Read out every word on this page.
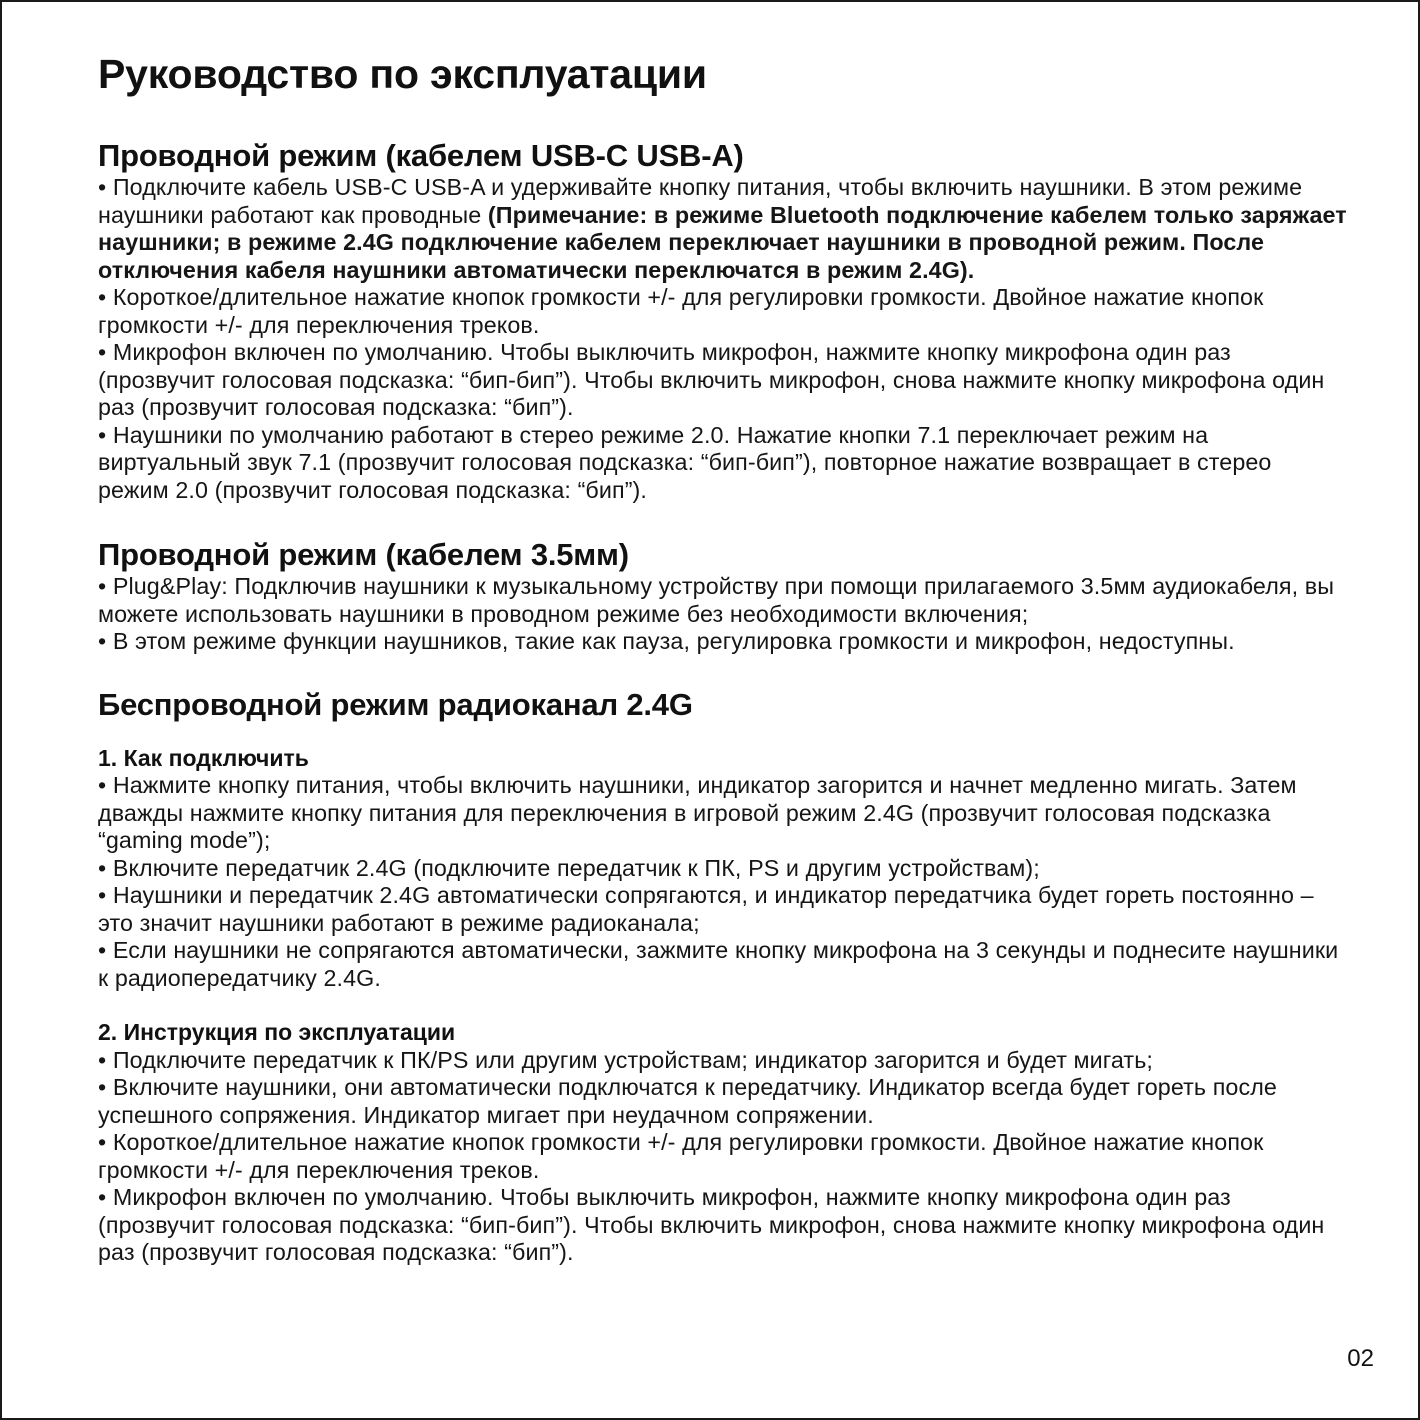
Руководство по эксплуатации
Проводной режим (кабелем USB-C USB-A)

• Подключите кабель USB-C USB-A и удерживайте кнопку питания, чтобы включить наушники. В этом режиме наушники работают как проводные (Примечание: в режиме Bluetooth подключение кабелем только заряжает наушники; в режиме 2.4G подключение кабелем переключает наушники в проводной режим. После отключения кабеля наушники автоматически переключатся в режим 2.4G).

• Короткое/длительное нажатие кнопок громкости +/- для регулировки громкости. Двойное нажатие кнопок громкости +/- для переключения треков.

• Микрофон включен по умолчанию. Чтобы выключить микрофон, нажмите кнопку микрофона один раз (прозвучит голосовая подсказка: “бип-бип”). Чтобы включить микрофон, снова нажмите кнопку микрофона один раз (прозвучит голосовая подсказка: “бип”).

• Наушники по умолчанию работают в стерео режиме 2.0. Нажатие кнопки 7.1 переключает режим на виртуальный звук 7.1 (прозвучит голосовая подсказка: “бип-бип”), повторное нажатие возвращает в стерео режим 2.0 (прозвучит голосовая подсказка: “бип”).

Проводной режим (кабелем 3.5мм)

• Plug&Play: Подключив наушники к музыкальному устройству при помощи прилагаемого 3.5мм аудиокабеля, вы можете использовать наушники в проводном режиме без необходимости включения;

• В этом режиме функции наушников, такие как пауза, регулировка громкости и микрофон, недоступны.

Беспроводной режим радиоканал 2.4G
1. Как подключить

• Нажмите кнопку питания, чтобы включить наушники, индикатор загорится и начнет медленно мигать. Затем дважды нажмите кнопку питания для переключения в игровой режим 2.4G (прозвучит голосовая подсказка “gaming mode”);

• Включите передатчик 2.4G (подключите передатчик к ПК, PS и другим устройствам);

• Наушники и передатчик 2.4G автоматически сопрягаются, и индикатор передатчика будет гореть постоянно – это значит наушники работают в режиме радиоканала;

• Если наушники не сопрягаются автоматически, зажмите кнопку микрофона на 3 секунды и поднесите наушники к радиопередатчику 2.4G.

2. Инструкция по эксплуатации

• Подключите передатчик к ПК/PS или другим устройствам; индикатор загорится и будет мигать;

• Включите наушники, они автоматически подключатся к передатчику. Индикатор всегда будет гореть после успешного сопряжения. Индикатор мигает при неудачном сопряжении.

• Короткое/длительное нажатие кнопок громкости +/- для регулировки громкости. Двойное нажатие кнопок громкости +/- для переключения треков.

• Микрофон включен по умолчанию. Чтобы выключить микрофон, нажмите кнопку микрофона один раз (прозвучит голосовая подсказка: “бип-бип”). Чтобы включить микрофон, снова нажмите кнопку микрофона один раз (прозвучит голосовая подсказка: “бип”).

02
